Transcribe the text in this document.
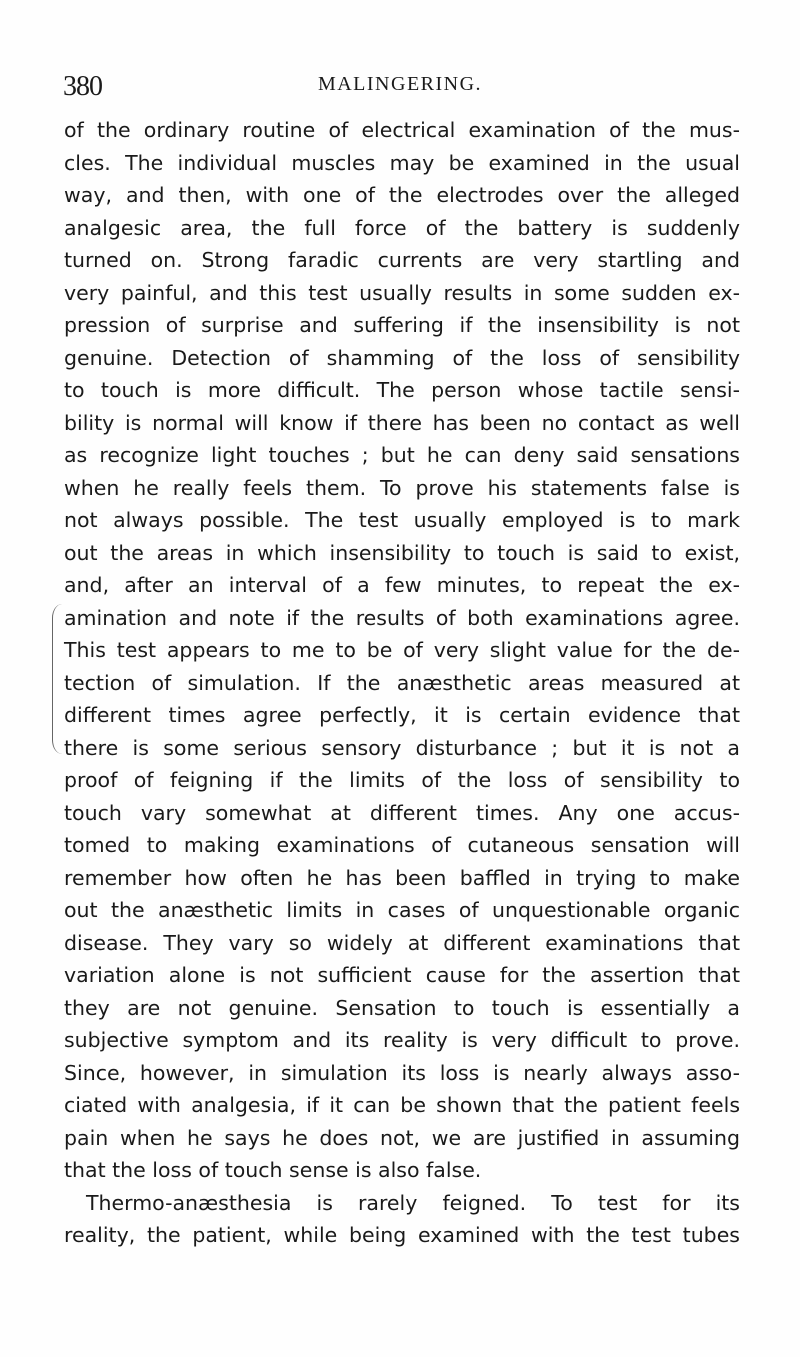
380	MALINGERING.
of the ordinary routine of electrical examination of the mus-
cles. The individual muscles may be examined in the usual
way, and then, with one of the electrodes over the alleged
analgesic area, the full force of the battery is suddenly
turned on. Strong faradic currents are very startling and
very painful, and this test usually results in some sudden ex-
pression of surprise and suffering if the insensibility is not
genuine. Detection of shamming of the loss of sensibility
to touch is more difficult. The person whose tactile sensi-
bility is normal will know if there has been no contact as well
as recognize light touches ; but he can deny said sensations
when he really feels them. To prove his statements false is
not always possible. The test usually employed is to mark
out the areas in which insensibility to touch is said to exist,
and, after an interval of a few minutes, to repeat the ex-
amination and note if the results of both examinations agree.
This test appears to me to be of very slight value for the de-
tection of simulation. If the anæsthetic areas measured at
different times agree perfectly, it is certain evidence that
there is some serious sensory disturbance ; but it is not a
proof of feigning if the limits of the loss of sensibility to
touch vary somewhat at different times. Any one accus-
tomed to making examinations of cutaneous sensation will
remember how often he has been baffled in trying to make
out the anæsthetic limits in cases of unquestionable organic
disease. They vary so widely at different examinations that
variation alone is not sufficient cause for the assertion that
they are not genuine. Sensation to touch is essentially a
subjective symptom and its reality is very difficult to prove.
Since, however, in simulation its loss is nearly always asso-
ciated with analgesia, if it can be shown that the patient feels
pain when he says he does not, we are justified in assuming
that the loss of touch sense is also false.
Thermo-anæsthesia is rarely feigned. To test for its
reality, the patient, while being examined with the test tubes
